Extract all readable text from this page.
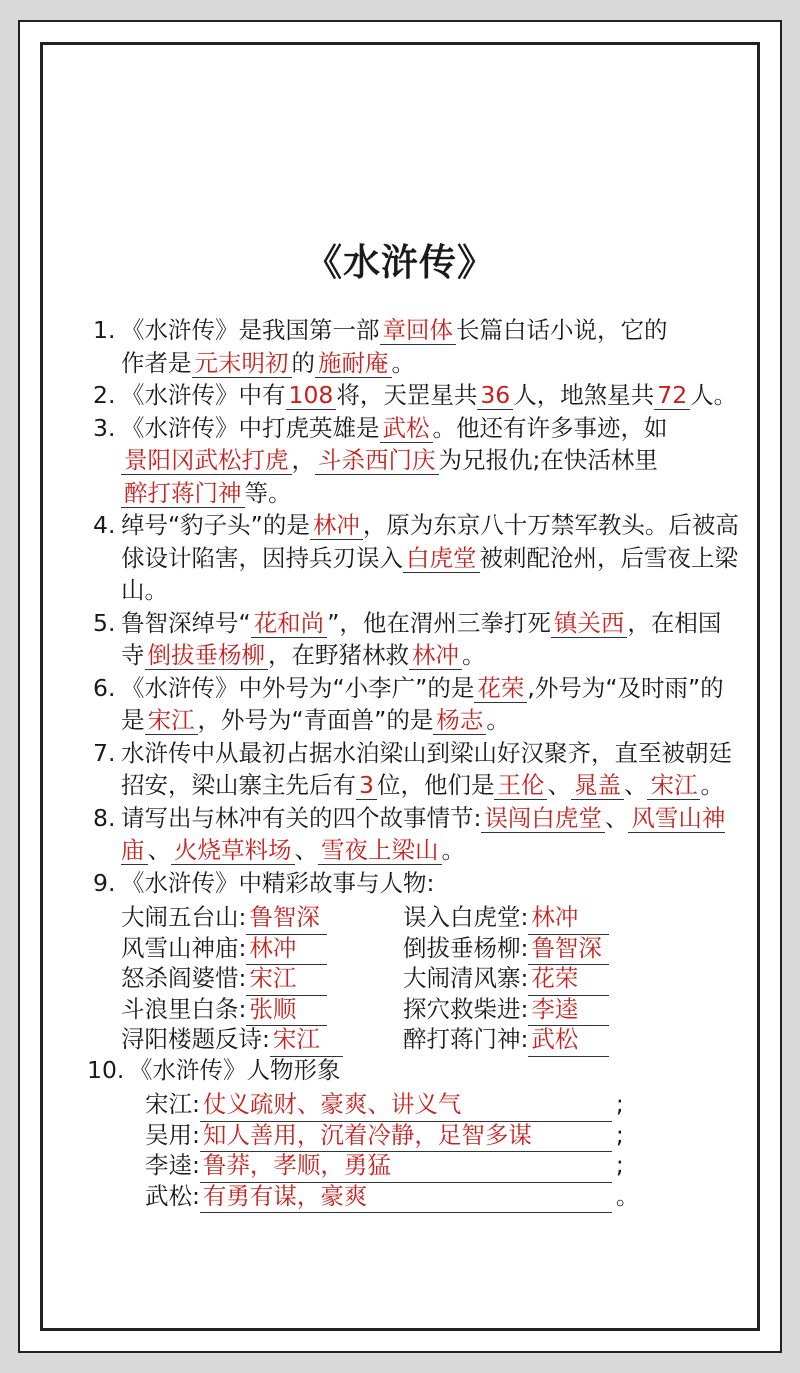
《水浒传》
1. 《水浒传》是我国第一部 章回体 长篇白话小说，它的
作者是 元末明初 的 施耐庵 。
2. 《水浒传》中有 108 将，天罡星共 36 人，地煞星共 72 人。
3. 《水浒传》中打虎英雄是 武松 。他还有许多事迹，如
景阳冈武松打虎 ， 斗杀西门庆 为兄报仇;在快活林里
醉打蒋门神 等。
4. 绰号“豹子头”的是 林冲 ，原为东京八十万禁军教头。后被高俅设计陷害，因持兵刃误入 白虎堂 被刺配沧州，后雪夜上梁山。
5. 鲁智深绰号“ 花和尚 ”，他在渭州三拳打死 镇关西 ，在相国寺 倒拔垂杨柳 ，在野猪林救 林冲 。
6. 《水浒传》中外号为“小李广”的是 花荣 ,外号为“及时雨”的是 宋江 ，外号为“青面兽”的是 杨志 。
7. 水浒传中从最初占据水泊梁山到梁山好汉聚齐，直至被朝廷招安，梁山寨主先后有 3 位，他们是 王伦 、 晁盖 、 宋江 。
8. 请写出与林冲有关的四个故事情节: 误闯白虎堂 、 风雪山神庙 、 火烧草料场 、 雪夜上梁山 。
9. 《水浒传》中精彩故事与人物:
大闹五台山: 鲁智深	误入白虎堂: 林冲
风雪山神庙: 林冲	倒拔垂杨柳: 鲁智深
怒杀阎婆惜: 宋江	大闹清风寨: 花荣
斗浪里白条: 张顺	探穴救柴进: 李逵
浔阳楼题反诗: 宋江	醉打蒋门神: 武松
10. 《水浒传》人物形象
宋江: 仗义疏财、豪爽、讲义气	;
吴用: 知人善用，沉着冷静，足智多谋	;
李逵: 鲁莽，孝顺，勇猛	;
武松: 有勇有谋，豪爽	。
